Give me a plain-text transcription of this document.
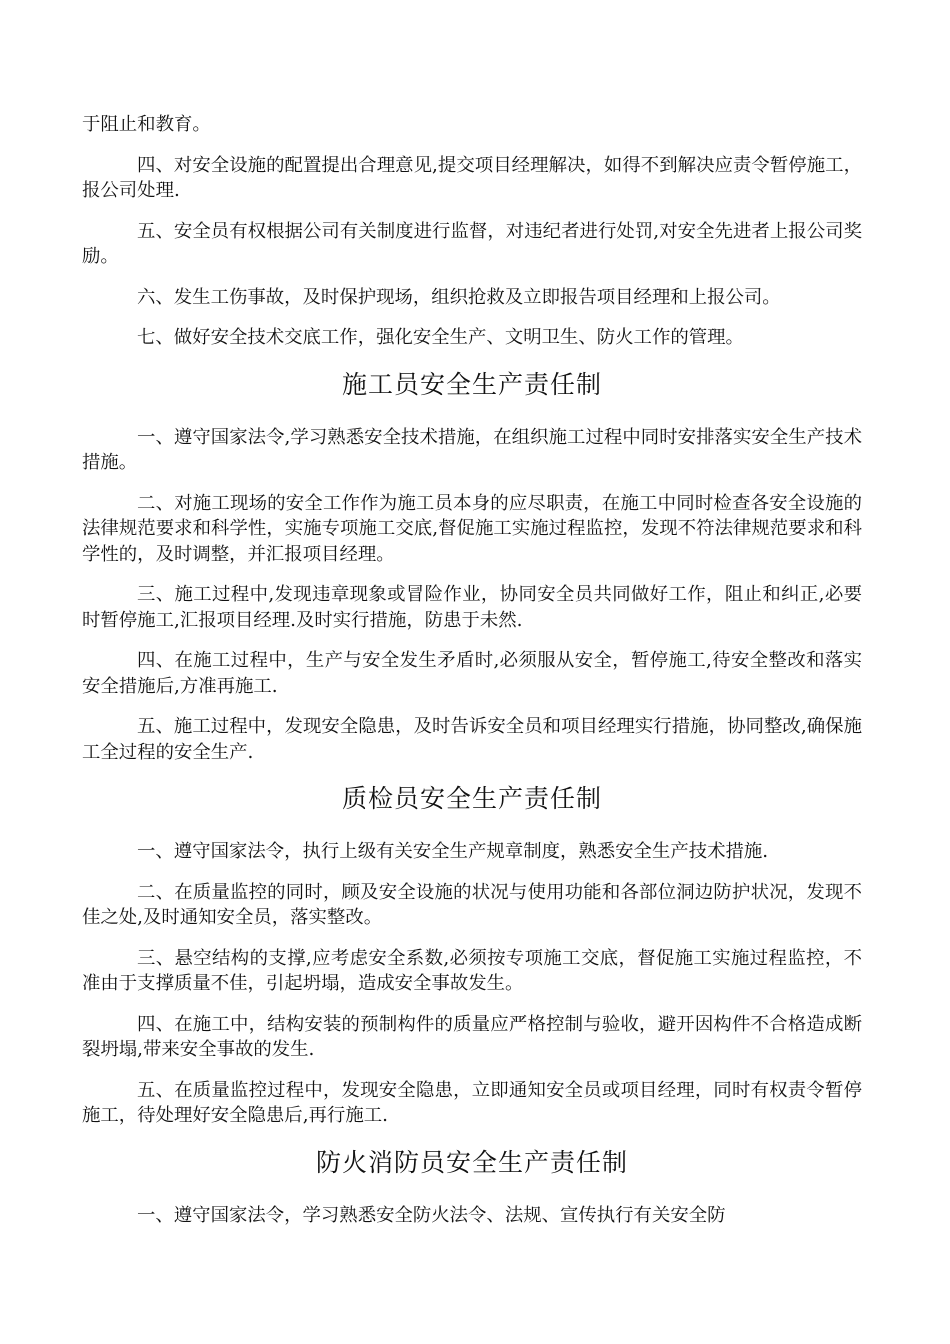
于阻止和教育。

四、对安全设施的配置提出合理意见,提交项目经理解决，如得不到解决应责令暂停施工，报公司处理.

五、安全员有权根据公司有关制度进行监督，对违纪者进行处罚,对安全先进者上报公司奖励。

六、发生工伤事故，及时保护现场，组织抢救及立即报告项目经理和上报公司。

七、做好安全技术交底工作，强化安全生产、文明卫生、防火工作的管理。

施工员安全生产责任制

一、遵守国家法令,学习熟悉安全技术措施，在组织施工过程中同时安排落实安全生产技术措施。

二、对施工现场的安全工作作为施工员本身的应尽职责，在施工中同时检查各安全设施的法律规范要求和科学性，实施专项施工交底,督促施工实施过程监控，发现不符法律规范要求和科学性的，及时调整，并汇报项目经理。

三、施工过程中,发现违章现象或冒险作业，协同安全员共同做好工作，阻止和纠正,必要时暂停施工,汇报项目经理.及时实行措施，防患于未然.

四、在施工过程中，生产与安全发生矛盾时,必须服从安全，暂停施工,待安全整改和落实安全措施后,方准再施工.

五、施工过程中，发现安全隐患，及时告诉安全员和项目经理实行措施，协同整改,确保施工全过程的安全生产.

质检员安全生产责任制

一、遵守国家法令，执行上级有关安全生产规章制度，熟悉安全生产技术措施.

二、在质量监控的同时，顾及安全设施的状况与使用功能和各部位洞边防护状况，发现不佳之处,及时通知安全员，落实整改。

三、悬空结构的支撑,应考虑安全系数,必须按专项施工交底，督促施工实施过程监控，不准由于支撑质量不佳，引起坍塌，造成安全事故发生。

四、在施工中，结构安装的预制构件的质量应严格控制与验收，避开因构件不合格造成断裂坍塌,带来安全事故的发生.

五、在质量监控过程中，发现安全隐患，立即通知安全员或项目经理，同时有权责令暂停施工，待处理好安全隐患后,再行施工.

防火消防员安全生产责任制

一、遵守国家法令，学习熟悉安全防火法令、法规、宣传执行有关安全防
